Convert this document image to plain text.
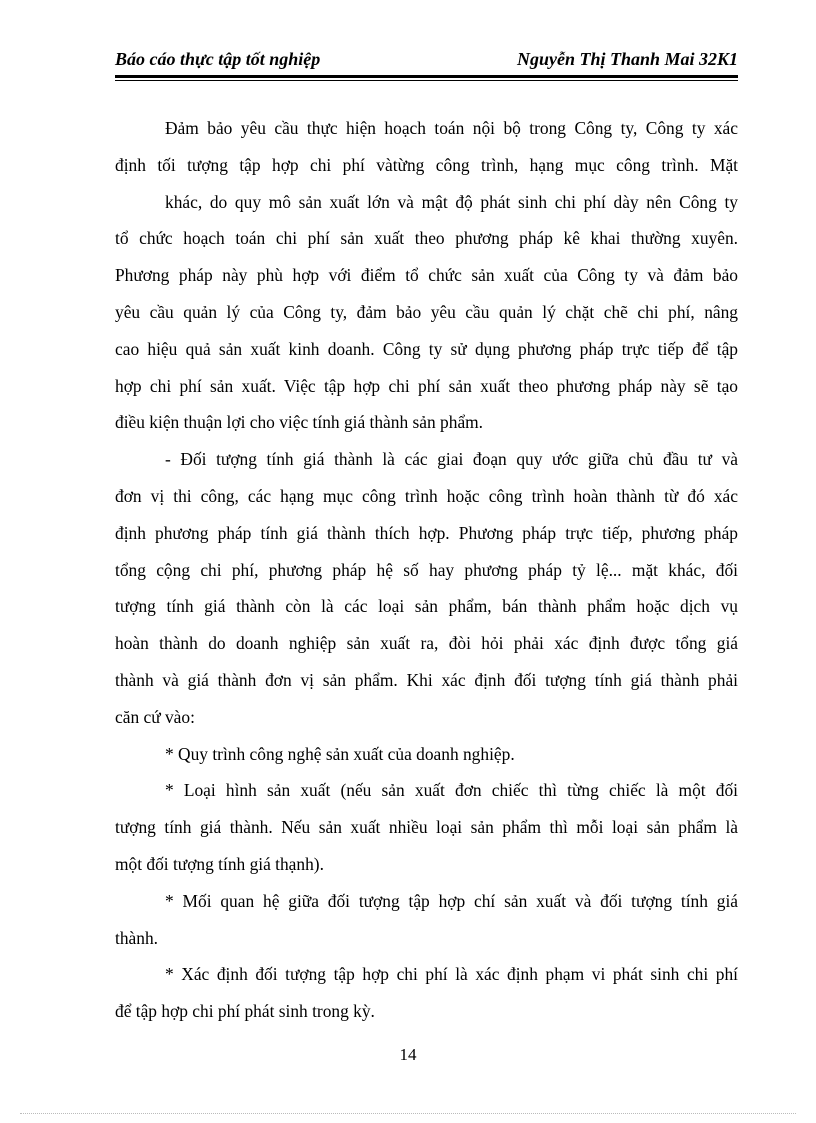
Báo cáo thực tập tốt nghiệp	Nguyễn Thị Thanh Mai 32K1
Đảm bảo yêu cầu thực hiện hoạch toán nội bộ trong Công ty, Công ty xác
định tối tượng tập hợp chi phí vàtừng công trình, hạng mục công trình. Mặt
khác, do quy mô sản xuất lớn và mật độ phát sinh chi phí dày nên Công ty
tổ chức hoạch toán chi phí sản xuất theo phương pháp kê khai thường xuyên.
Phương pháp này phù hợp với điểm tổ chức sản xuất của Công ty và đảm bảo
yêu cầu quản lý của Công ty, đảm bảo yêu cầu quản lý chặt chẽ chi phí, nâng
cao hiệu quả sản xuất kinh doanh. Công ty sử dụng phương pháp trực tiếp để tập
hợp chi phí sản xuất. Việc tập hợp chi phí sản xuất theo phương pháp này sẽ tạo
điều kiện thuận lợi cho việc tính giá thành sản phẩm.
- Đối tượng tính giá thành là các giai đoạn quy ước giữa chủ đầu tư và
đơn vị thi công, các hạng mục công trình hoặc công trình hoàn thành từ đó xác
định phương pháp tính giá thành thích hợp. Phương pháp trực tiếp, phương pháp
tổng cộng chi phí, phương pháp hệ số hay phương pháp tỷ lệ... mặt khác, đối
tượng tính giá thành còn là các loại sản phẩm, bán thành phẩm hoặc dịch vụ
hoàn thành do doanh nghiệp sản xuất ra, đòi hỏi phải xác định được tổng giá
thành và giá thành đơn vị sản phẩm. Khi xác định đối tượng tính giá thành phải
căn cứ vào:
* Quy trình công nghệ sản xuất của doanh nghiệp.
* Loại hình sản xuất (nếu sản xuất đơn chiếc thì từng chiếc là một đối
tượng tính giá thành. Nếu sản xuất nhiều loại sản phẩm thì mỗi loại sản phẩm là
một đối tượng tính giá thạnh).
* Mối quan hệ giữa đối tượng tập hợp chí sản xuất và đối tượng tính giá
thành.
* Xác định đối tượng tập hợp chi phí là xác định phạm vi phát sinh chi phí
để tập hợp chi phí phát sinh trong kỳ.
14
